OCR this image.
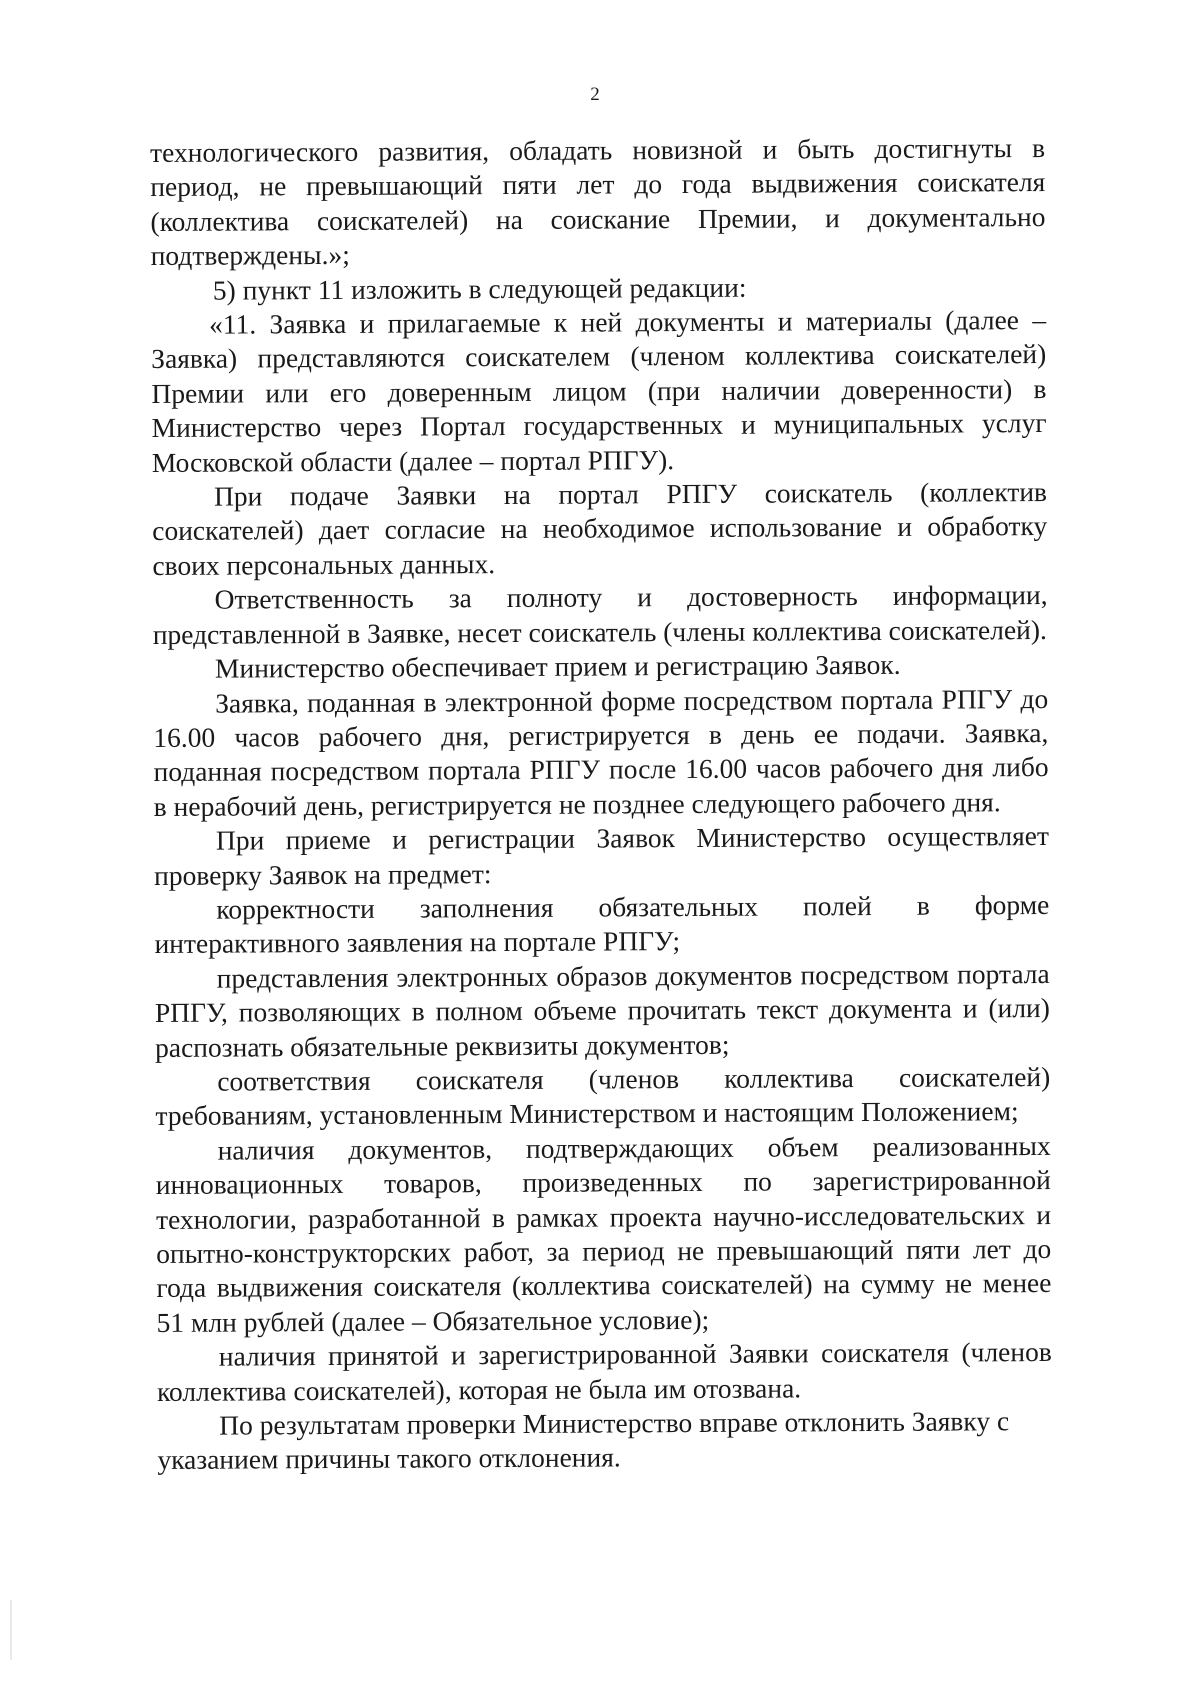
2

технологического развития, обладать новизной и быть достигнуты в период, не превышающий пяти лет до года выдвижения соискателя (коллектива соискателей) на соискание Премии, и документально подтверждены.»;

5) пункт 11 изложить в следующей редакции:

«11. Заявка и прилагаемые к ней документы и материалы (далее – Заявка) представляются соискателем (членом коллектива соискателей) Премии или его доверенным лицом (при наличии доверенности) в Министерство через Портал государственных и муниципальных услуг Московской области (далее – портал РПГУ).

При подаче Заявки на портал РПГУ соискатель (коллектив соискателей) дает согласие на необходимое использование и обработку своих персональных данных.

Ответственность за полноту и достоверность информации, представленной в Заявке, несет соискатель (члены коллектива соискателей).

Министерство обеспечивает прием и регистрацию Заявок.

Заявка, поданная в электронной форме посредством портала РПГУ до 16.00 часов рабочего дня, регистрируется в день ее подачи. Заявка, поданная посредством портала РПГУ после 16.00 часов рабочего дня либо в нерабочий день, регистрируется не позднее следующего рабочего дня.

При приеме и регистрации Заявок Министерство осуществляет проверку Заявок на предмет:

корректности заполнения обязательных полей в форме интерактивного заявления на портале РПГУ;

представления электронных образов документов посредством портала РПГУ, позволяющих в полном объеме прочитать текст документа и (или) распознать обязательные реквизиты документов;

соответствия соискателя (членов коллектива соискателей) требованиям, установленным Министерством и настоящим Положением;

наличия документов, подтверждающих объем реализованных инновационных товаров, произведенных по зарегистрированной технологии, разработанной в рамках проекта научно-исследовательских и опытно-конструкторских работ, за период не превышающий пяти лет до года выдвижения соискателя (коллектива соискателей) на сумму не менее 51 млн рублей (далее – Обязательное условие);

наличия принятой и зарегистрированной Заявки соискателя (членов коллектива соискателей), которая не была им отозвана.

По результатам проверки Министерство вправе отклонить Заявку с указанием причины такого отклонения.
